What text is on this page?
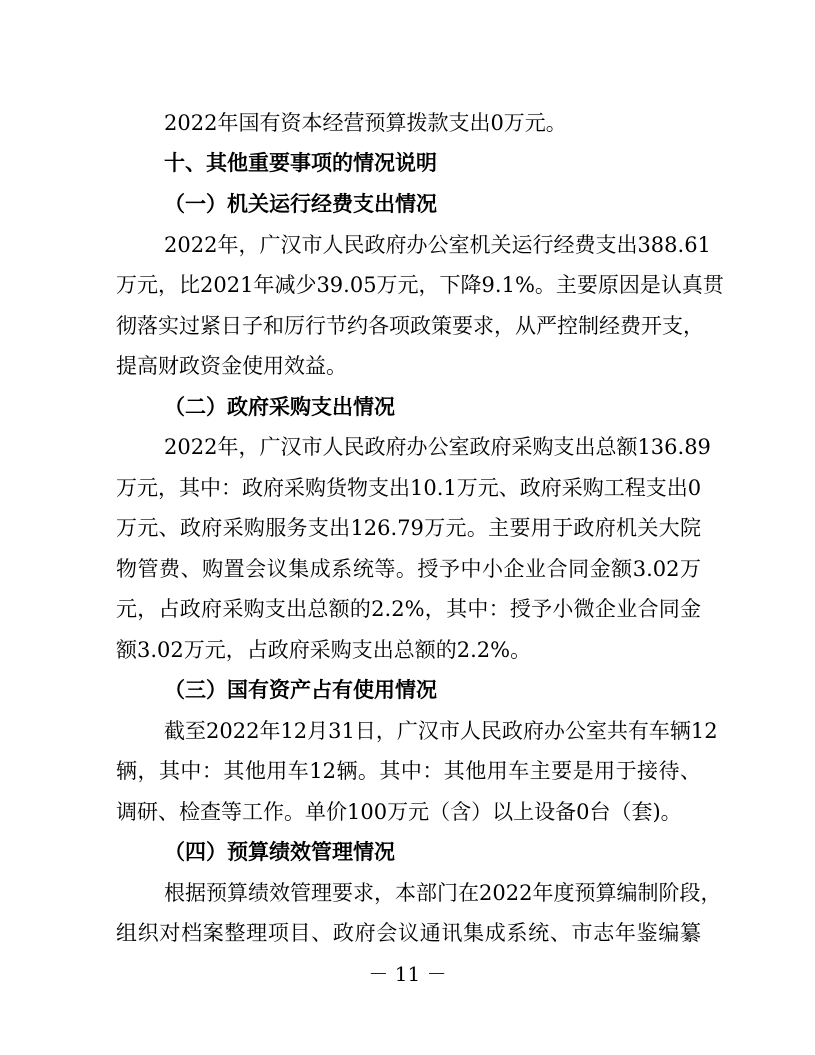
2022年国有资本经营预算拨款支出0万元。
十、其他重要事项的情况说明
（一）机关运行经费支出情况
2022年，广汉市人民政府办公室机关运行经费支出388.61
万元，比2021年减少39.05万元，下降9.1%。主要原因是认真贯
彻落实过紧日子和厉行节约各项政策要求，从严控制经费开支，
提高财政资金使用效益。
（二）政府采购支出情况
2022年，广汉市人民政府办公室政府采购支出总额136.89
万元，其中：政府采购货物支出10.1万元、政府采购工程支出0
万元、政府采购服务支出126.79万元。主要用于政府机关大院
物管费、购置会议集成系统等。授予中小企业合同金额3.02万
元，占政府采购支出总额的2.2%，其中：授予小微企业合同金
额3.02万元，占政府采购支出总额的2.2%。
（三）国有资产占有使用情况
截至2022年12月31日，广汉市人民政府办公室共有车辆12
辆，其中：其他用车12辆。其中：其他用车主要是用于接待、
调研、检查等工作。单价100万元（含）以上设备0台（套)。
（四）预算绩效管理情况
根据预算绩效管理要求，本部门在2022年度预算编制阶段，
组织对档案整理项目、政府会议通讯集成系统、市志年鉴编纂
－ 11 －
